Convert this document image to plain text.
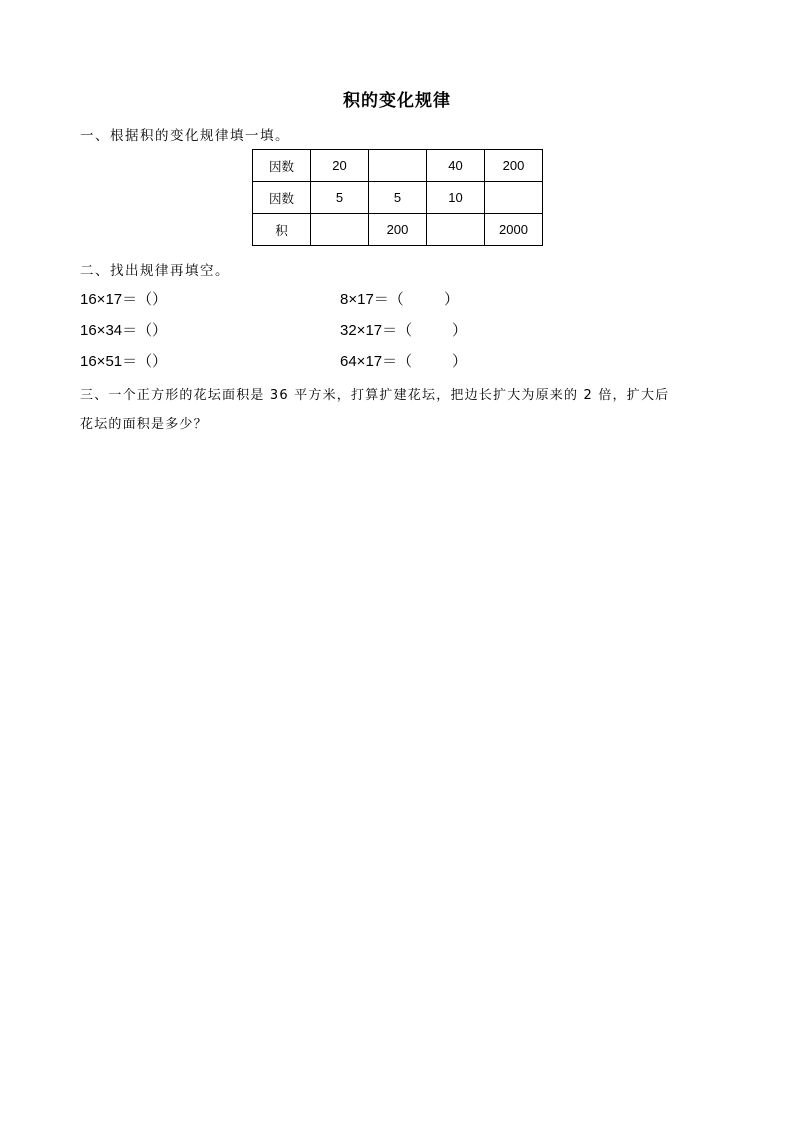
积的变化规律
一、根据积的变化规律填一填。
因数	20		40	200
因数	5	5	10	
积		200		2000
二、找出规律再填空。
16×17＝（）
16×34＝（）
16×51＝（）
8×17＝（	）
32×17＝（	）
64×17＝（	）
三、一个正方形的花坛面积是 36 平方米，打算扩建花坛，把边长扩大为原来的 2 倍，扩大后
花坛的面积是多少？
